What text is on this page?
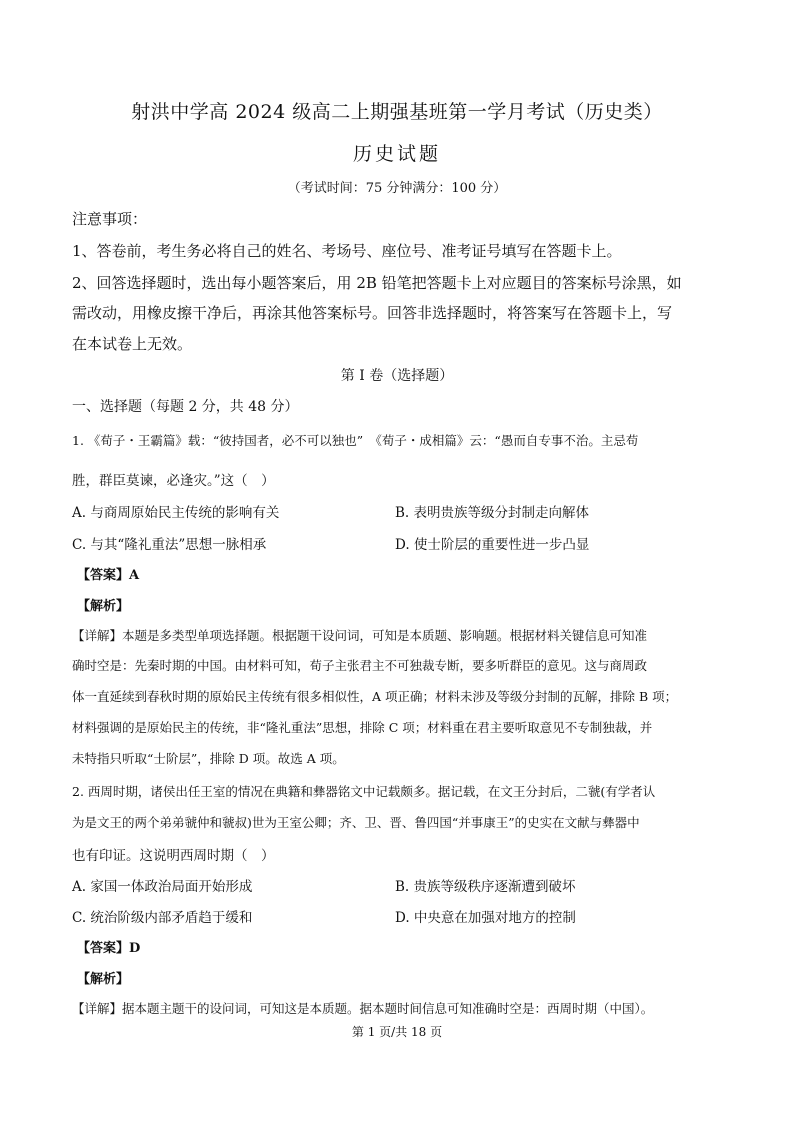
射洪中学高 2024 级高二上期强基班第一学月考试（历史类）
历史试题
（考试时间：75 分钟满分：100 分）
注意事项：
1、答卷前，考生务必将自己的姓名、考场号、座位号、准考证号填写在答题卡上。
2、回答选择题时，选出每小题答案后，用 2B 铅笔把答题卡上对应题目的答案标号涂黑，如
需改动，用橡皮擦干净后，再涂其他答案标号。回答非选择题时，将答案写在答题卡上，写
在本试卷上无效。
第 I 卷（选择题）
一、选择题（每题 2 分，共 48 分）
1. 《荀子・王霸篇》载：“彼持国者，必不可以独也”　《荀子・成相篇》云：“愚而自专事不治。主忌苟
胜，群臣莫谏，必逢灾。”这（　）
A. 与商周原始民主传统的影响有关	B. 表明贵族等级分封制走向解体
C. 与其“隆礼重法”思想一脉相承	D. 使士阶层的重要性进一步凸显
【答案】A
【解析】
【详解】本题是多类型单项选择题。根据题干设问词，可知是本质题、影响题。根据材料关键信息可知准
确时空是：先秦时期的中国。由材料可知，荀子主张君主不可独裁专断，要多听群臣的意见。这与商周政
体一直延续到春秋时期的原始民主传统有很多相似性，A 项正确；材料未涉及等级分封制的瓦解，排除 B 项；
材料强调的是原始民主的传统，非“隆礼重法”思想，排除 C 项；材料重在君主要听取意见不专制独裁，并
未特指只听取“士阶层”，排除 D 项。故选 A 项。
2. 西周时期，诸侯出任王室的情况在典籍和彝器铭文中记载颇多。据记载，在文王分封后，二虢(有学者认
为是文王的两个弟弟虢仲和虢叔)世为王室公卿；齐、卫、晋、鲁四国“并事康王”的史实在文献与彝器中
也有印证。这说明西周时期（　）
A. 家国一体政治局面开始形成	B. 贵族等级秩序逐渐遭到破坏
C. 统治阶级内部矛盾趋于缓和	D. 中央意在加强对地方的控制
【答案】D
【解析】
【详解】据本题主题干的设问词，可知这是本质题。据本题时间信息可知准确时空是：西周时期（中国）。
第 1 页/共 18 页
